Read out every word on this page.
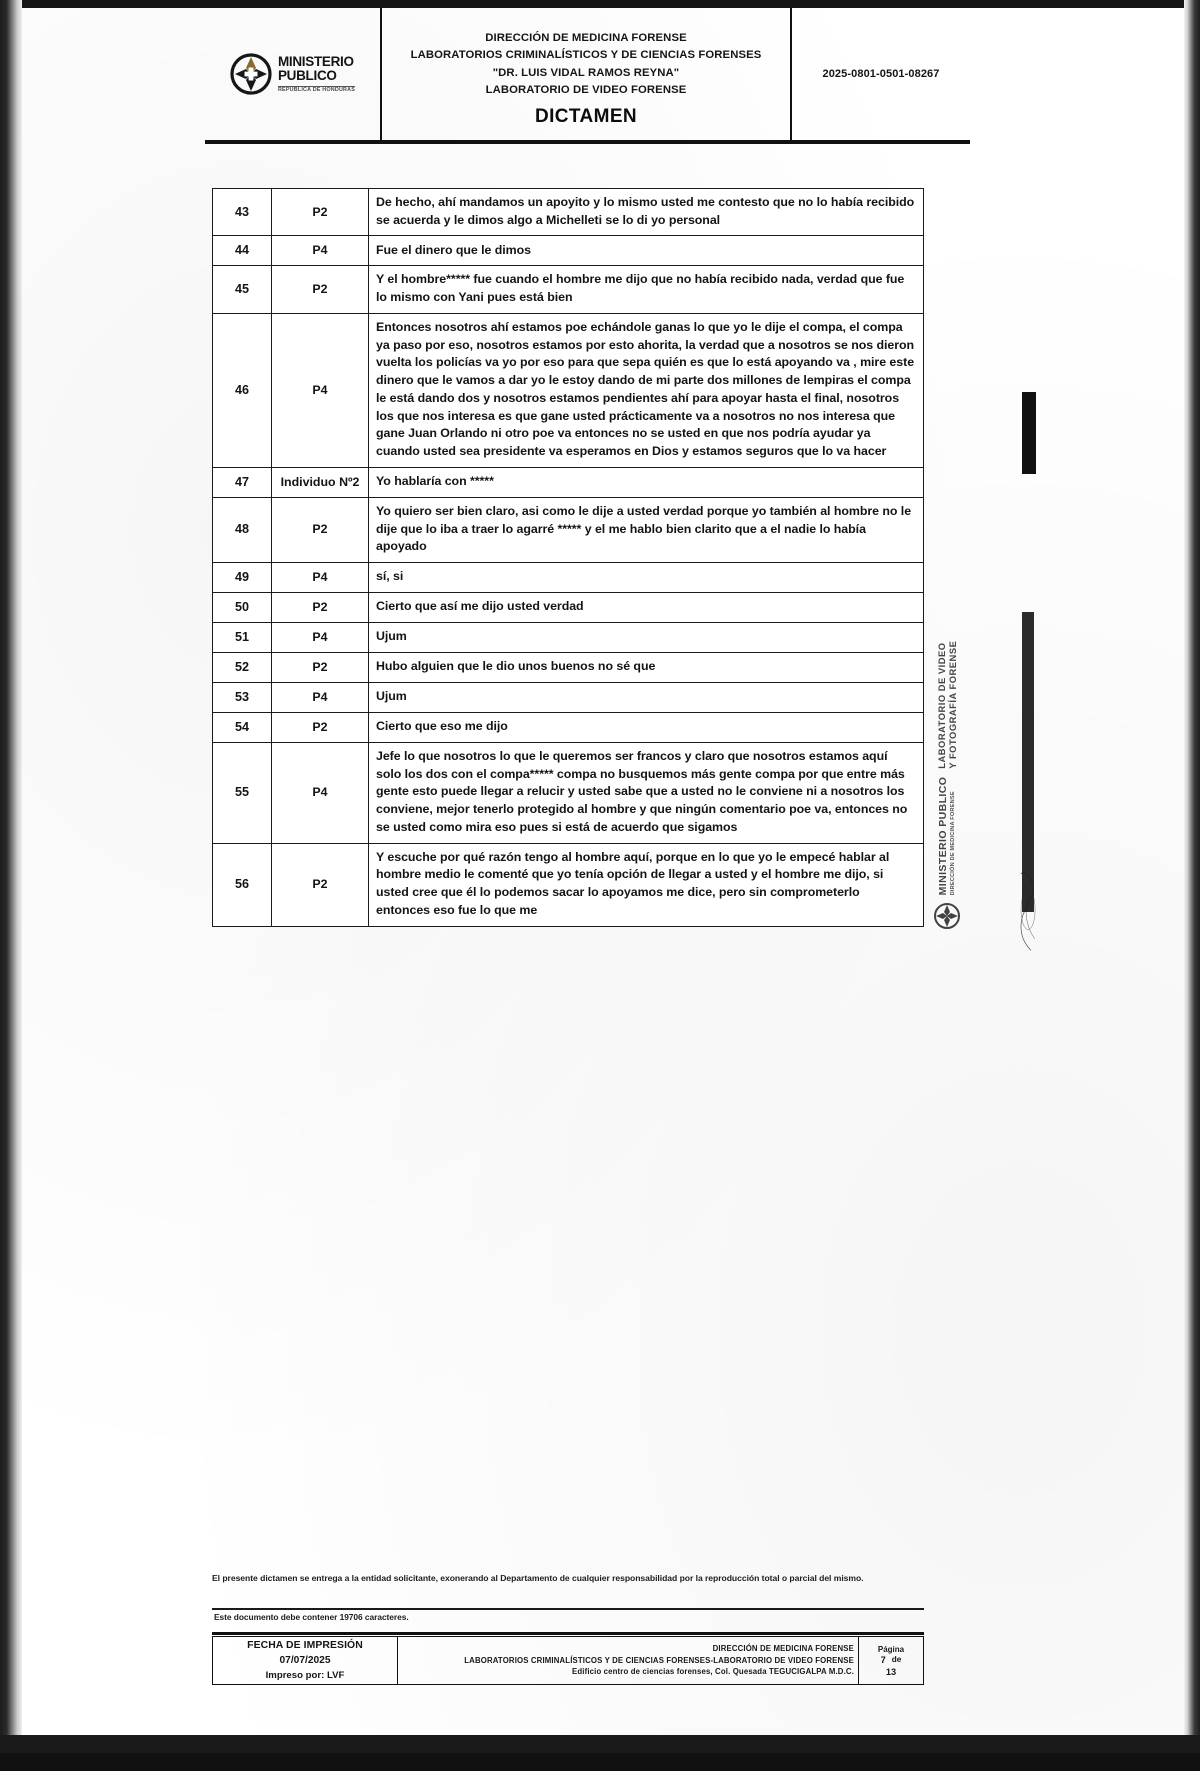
MINISTERIO
PUBLICO
REPUBLICA DE HONDURAS
DIRECCIÓN DE MEDICINA FORENSE
LABORATORIOS CRIMINALÍSTICOS Y DE CIENCIAS FORENSES
"DR. LUIS VIDAL RAMOS REYNA"
LABORATORIO DE VIDEO FORENSE
DICTAMEN
2025-0801-0501-08267
43	P2	De hecho, ahí mandamos un apoyito y lo mismo usted me contesto que no lo había recibido se acuerda y le dimos algo a Michelleti se lo di yo personal
44	P4	Fue el dinero que le dimos
45	P2	Y el hombre***** fue cuando el hombre me dijo que no había recibido nada, verdad que fue lo mismo con Yani pues está bien
46	P4	Entonces nosotros ahí estamos poe echándole ganas lo que yo le dije el compa, el compa ya paso por eso, nosotros estamos por esto ahorita, la verdad que a nosotros se nos dieron vuelta los policías va yo por eso para que sepa quién es que lo está apoyando va , mire este dinero que le vamos a dar yo le estoy dando de mi parte dos millones de lempiras el compa le está dando dos y nosotros estamos pendientes ahí para apoyar hasta el final, nosotros los que nos interesa es que gane usted prácticamente va a nosotros no nos interesa que gane Juan Orlando ni otro poe va entonces no se usted en que nos podría ayudar ya cuando usted sea presidente va esperamos en Dios y estamos seguros que lo va hacer
47	Individuo Nº2	Yo hablaría con *****
48	P2	Yo quiero ser bien claro, asi como le dije a usted verdad porque yo también al hombre no le dije que lo iba a traer lo agarré ***** y el me hablo bien clarito que a el nadie lo había apoyado
49	P4	sí, si
50	P2	Cierto que así me dijo usted verdad
51	P4	Ujum
52	P2	Hubo alguien que le dio unos buenos no sé que
53	P4	Ujum
54	P2	Cierto que eso me dijo
55	P4	Jefe lo que nosotros lo que le queremos ser francos y claro que nosotros estamos aquí solo los dos con el compa***** compa no busquemos más gente compa por que entre más gente esto puede llegar a relucir y usted sabe que a usted no le conviene ni a nosotros los conviene, mejor tenerlo protegido al hombre y que ningún comentario poe va, entonces no se usted como mira eso pues si está de acuerdo que sigamos
56	P2	Y escuche por qué razón tengo al hombre aquí, porque en lo que yo le empecé hablar al hombre medio le comenté que yo tenía opción de llegar a usted y el hombre me dijo, si usted cree que él lo podemos sacar lo apoyamos me dice, pero sin comprometerlo entonces eso fue lo que me
MINISTERIO PUBLICO DIRECCIÓN DE MEDICINA FORENSE
LABORATORIO DE VIDEO Y FOTOGRAFÍA FORENSE
El presente dictamen se entrega a la entidad solicitante, exonerando al Departamento de cualquier responsabilidad por la reproducción total o parcial del mismo.
Este documento debe contener 19706 caracteres.
FECHA DE IMPRESIÓN
07/07/2025
Impreso por: LVF

DIRECCIÓN DE MEDICINA FORENSE
LABORATORIOS CRIMINALÍSTICOS Y DE CIENCIAS FORENSES-LABORATORIO DE VIDEO FORENSE
Edificio centro de ciencias forenses, Col. Quesada TEGUCIGALPA M.D.C.

Página
7 de
13
